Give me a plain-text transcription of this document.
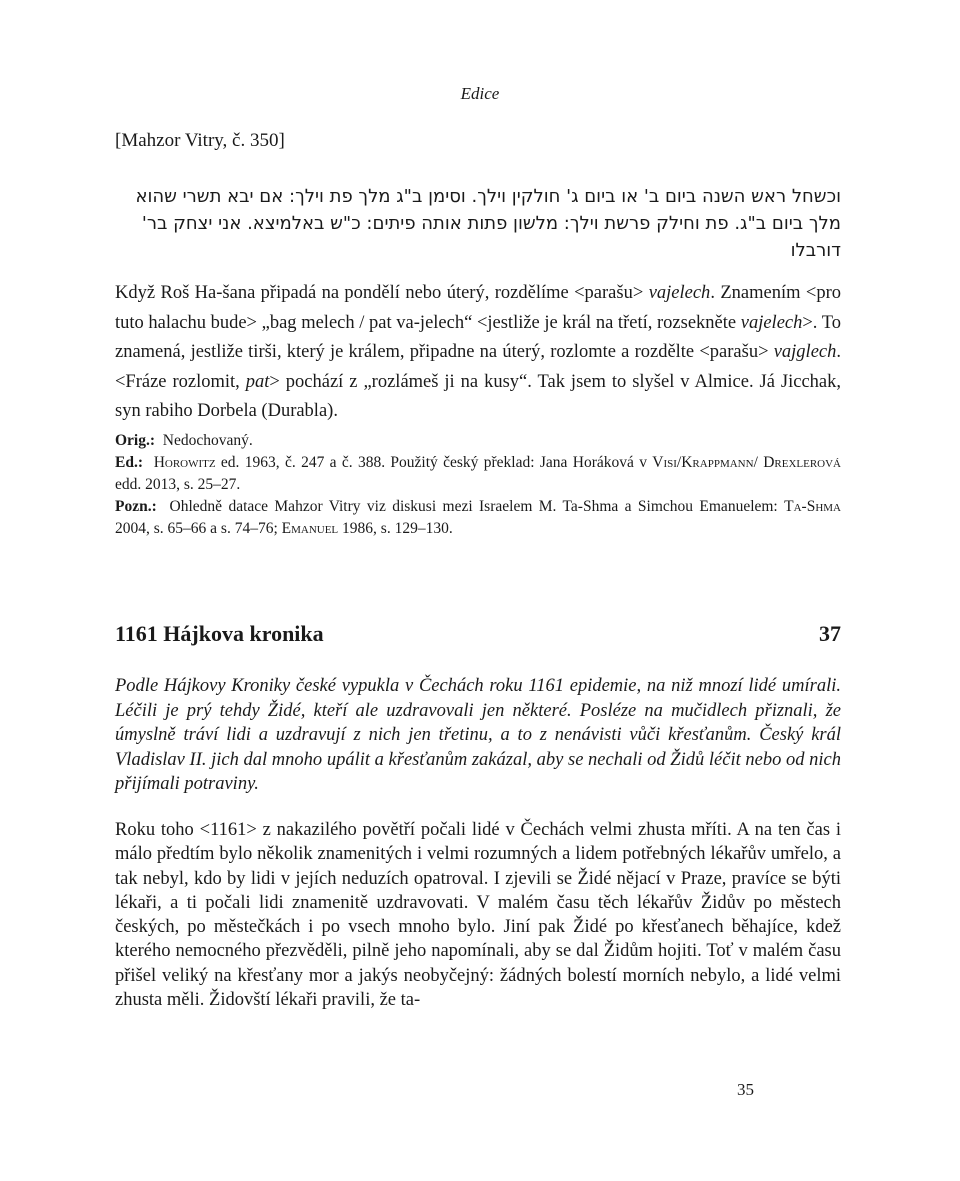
Edice
[Mahzor Vitry, č. 350]
וכשחל ראש השנה ביום ב' או ביום ג' חולקין וילך. וסימן ב"ג מלך פת וילך: אם יבא תשרי שהוא מלך ביום ב"ג. פת וחילק פרשת וילך: מלשון פתות אותה פיתים: כ"ש באלמיצא. אני יצחק בר' דורבלו
Když Roš Ha-šana připadá na pondělí nebo úterý, rozdělíme <parašu> vajelech. Znamením <pro tuto halachu bude> „bag melech / pat va-jelech“ <jestliže je král na třetí, rozsekněte vajelech>. To znamená, jestliže tirši, který je králem, připadne na úterý, rozlomte a rozdělte <parašu> vajglech. <Fráze rozlomit, pat> pochází z „rozlámeš ji na kusy“. Tak jsem to slyšel v Almice. Já Jicchak, syn rabiho Dorbela (Durabla).
Orig.: Nedochovaný.
Ed.: Horowitz ed. 1963, č. 247 a č. 388. Použitý český překlad: Jana Horáková v Visi/Krappmann/ Drexlerová edd. 2013, s. 25–27.
Pozn.: Ohledně datace Mahzor Vitry viz diskusi mezi Israelem M. Ta-Shma a Simchou Emanuelem: Ta-Shma 2004, s. 65–66 a s. 74–76; Emanuel 1986, s. 129–130.
1161 Hájkova kronika	37
Podle Hájkovy Kroniky české vypukla v Čechách roku 1161 epidemie, na niž mnozí lidé umírali. Léčili je prý tehdy Židé, kteří ale uzdravovali jen některé. Posléze na mučidlech přiznali, že úmyslně tráví lidi a uzdravují z nich jen třetinu, a to z nenávisti vůči křesťanům. Český král Vladislav II. jich dal mnoho upálit a křesťanům zakázal, aby se nechali od Židů léčit nebo od nich přijímali potraviny.
Roku toho <1161> z nakazilého povětří počali lidé v Čechách velmi zhusta mříti. A na ten čas i málo předtím bylo několik znamenitých i velmi rozumných a lidem potřebných lékařův umřelo, a tak nebyl, kdo by lidi v jejích neduzích opatroval. I zjevili se Židé nějací v Praze, pravíce se býti lékaři, a ti počali lidi znamenitě uzdravovati. V malém času těch lékařův Židův po městech českých, po městečkách i po vsech mnoho bylo. Jiní pak Židé po křesťanech běhajíce, kdež kterého nemocného přezvěděli, pilně jeho napomínali, aby se dal Židům hojiti. Toť v malém času přišel veliký na křesťany mor a jakýs neobyčejný: žádných bolestí morních nebylo, a lidé velmi zhusta měli. Židovští lékaři pravili, že ta-
35
